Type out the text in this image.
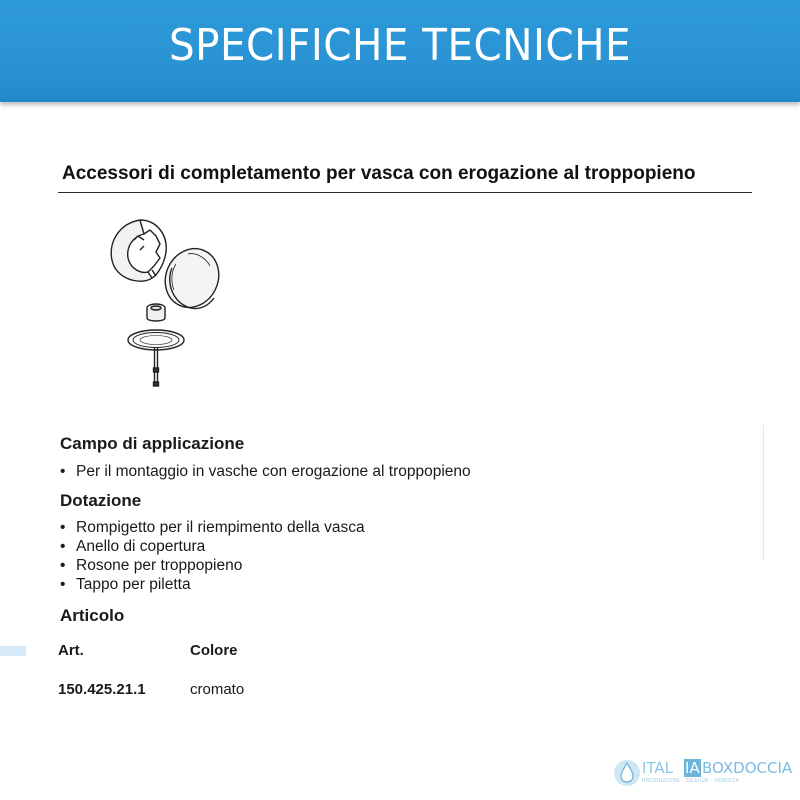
SPECIFICHE TECNICHE
Accessori di completamento per vasca con erogazione al troppopieno
Campo di applicazione
• Per il montaggio in vasche con erogazione al troppopieno
Dotazione
• Rompigetto per il riempimento della vasca
• Anello di copertura
• Rosone per troppopieno
• Tappo per piletta
Articolo
Art.	Colore
150.425.21.1	cromato
ITAL IA BOXDOCCIA
PRODUZIONE · DESIGN · VENDITA
